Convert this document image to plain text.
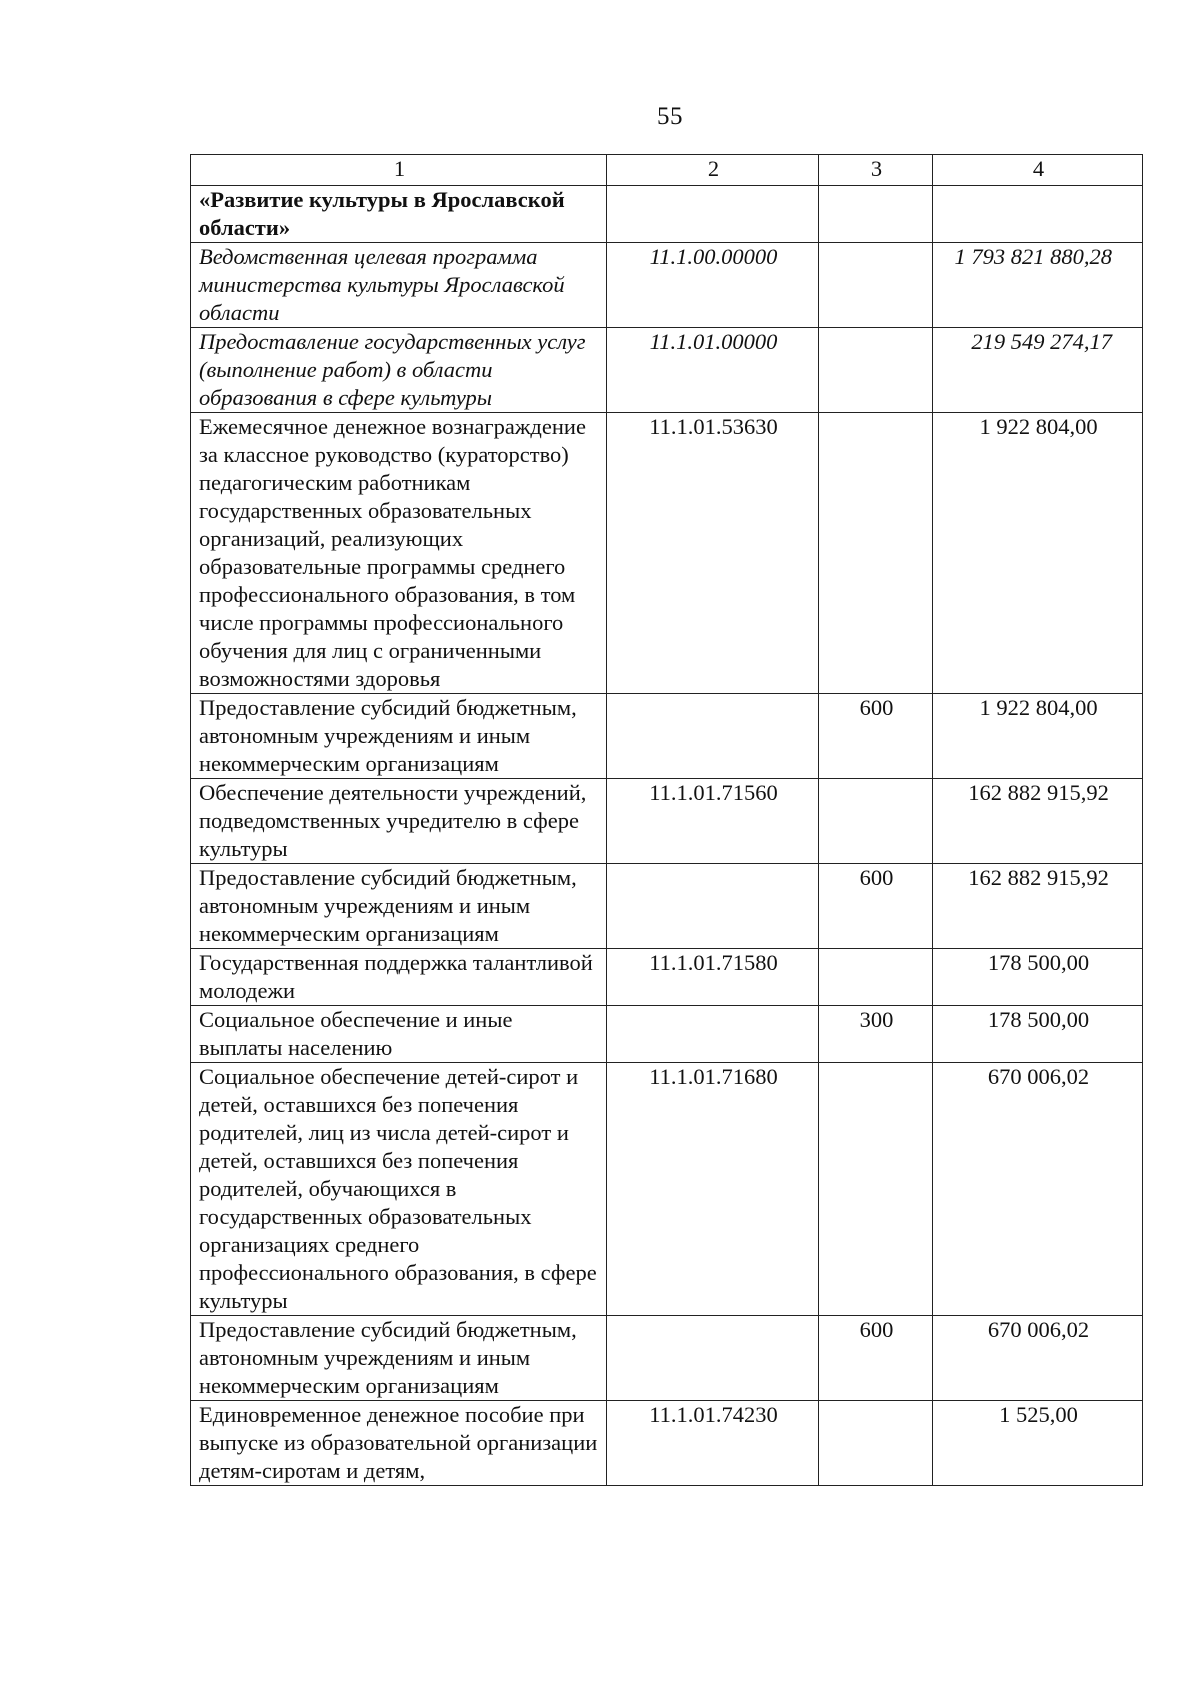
55
1	2	3	4
«Развитие культуры в Ярославской области»			
Ведомственная целевая программа министерства культуры Ярославской области	11.1.00.00000		1 793 821 880,28
Предоставление государственных услуг (выполнение работ) в области образования в сфере культуры	11.1.01.00000		219 549 274,17
Ежемесячное денежное вознаграждение за классное руководство (кураторство) педагогическим работникам государственных образовательных организаций, реализующих образовательные программы среднего профессионального образования, в том числе программы профессионального обучения для лиц с ограниченными возможностями здоровья	11.1.01.53630		1 922 804,00
Предоставление субсидий бюджетным, автономным учреждениям и иным некоммерческим организациям		600	1 922 804,00
Обеспечение деятельности учреждений, подведомственных учредителю в сфере культуры	11.1.01.71560		162 882 915,92
Предоставление субсидий бюджетным, автономным учреждениям и иным некоммерческим организациям		600	162 882 915,92
Государственная поддержка талантливой молодежи	11.1.01.71580		178 500,00
Социальное обеспечение и иные выплаты населению		300	178 500,00
Социальное обеспечение детей-сирот и детей, оставшихся без попечения родителей, лиц из числа детей-сирот и детей, оставшихся без попечения родителей, обучающихся в государственных образовательных организациях среднего профессионального образования, в сфере культуры	11.1.01.71680		670 006,02
Предоставление субсидий бюджетным, автономным учреждениям и иным некоммерческим организациям		600	670 006,02
Единовременное денежное пособие при выпуске из образовательной организации детям-сиротам и детям,	11.1.01.74230		1 525,00
